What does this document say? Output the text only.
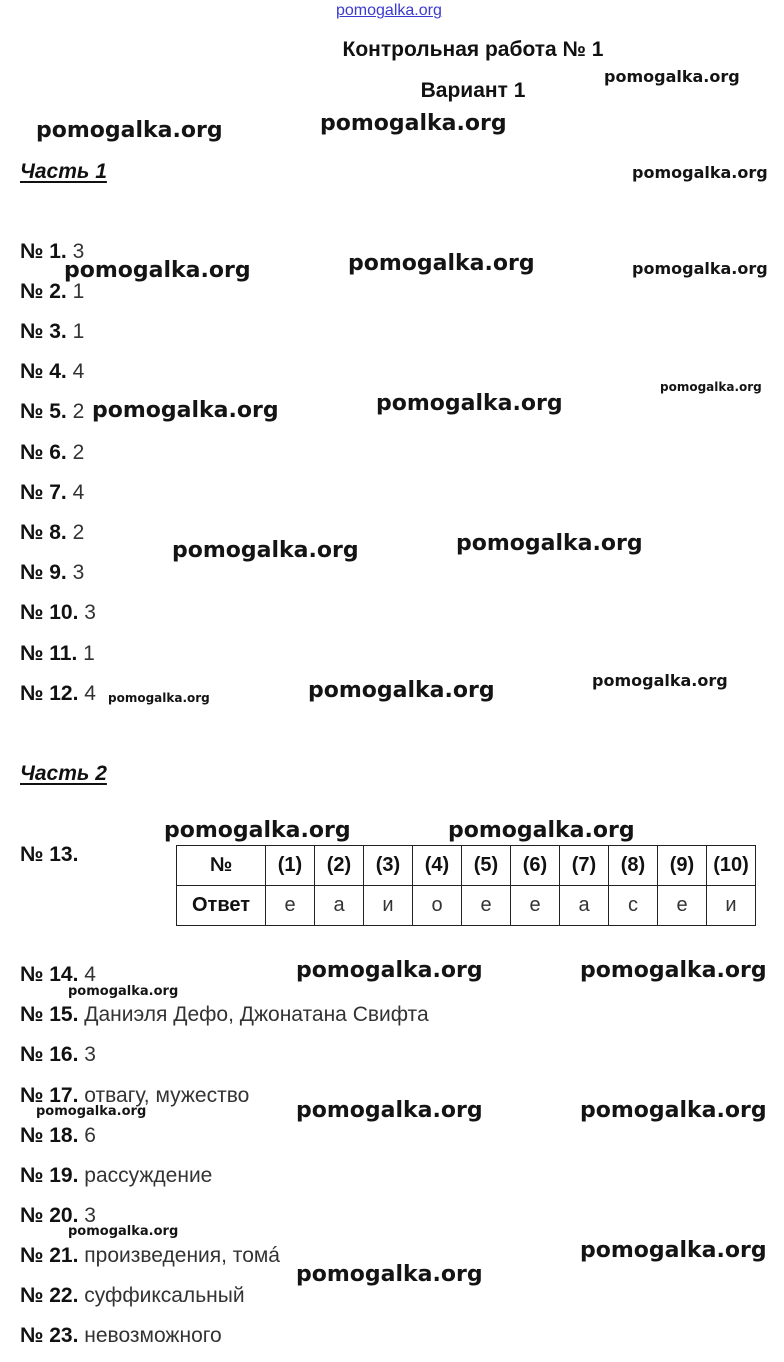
pomogalka.org
Контрольная работа № 1
Вариант 1
Часть 1
№ 1. 3
№ 2. 1
№ 3. 1
№ 4. 4
№ 5. 2
№ 6. 2
№ 7. 4
№ 8. 2
№ 9. 3
№ 10. 3
№ 11. 1
№ 12. 4
Часть 2
№ 13.	№	(1)	(2)	(3)	(4)	(5)	(6)	(7)	(8)	(9)	(10)
Ответ	е	а	и	о	е	е	а	с	е	и
№ 14. 4
№ 15. Даниэля Дефо, Джонатана Свифта
№ 16. 3
№ 17. отвагу, мужество
№ 18. 6
№ 19. рассуждение
№ 20. 3
№ 21. произведения, томá
№ 22. суффиксальный
№ 23. невозможного
pomogalka.org
pomogalka.org	pomogalka.org
pomogalka.org
pomogalka.org	pomogalka.org	pomogalka.org
pomogalka.org
pomogalka.org	pomogalka.org
pomogalka.org	pomogalka.org
pomogalka.org
pomogalka.org
pomogalka.org
pomogalka.org	pomogalka.org
pomogalka.org	pomogalka.org
pomogalka.org
pomogalka.org	pomogalka.org
pomogalka.org
pomogalka.org
pomogalka.org
pomogalka.org
